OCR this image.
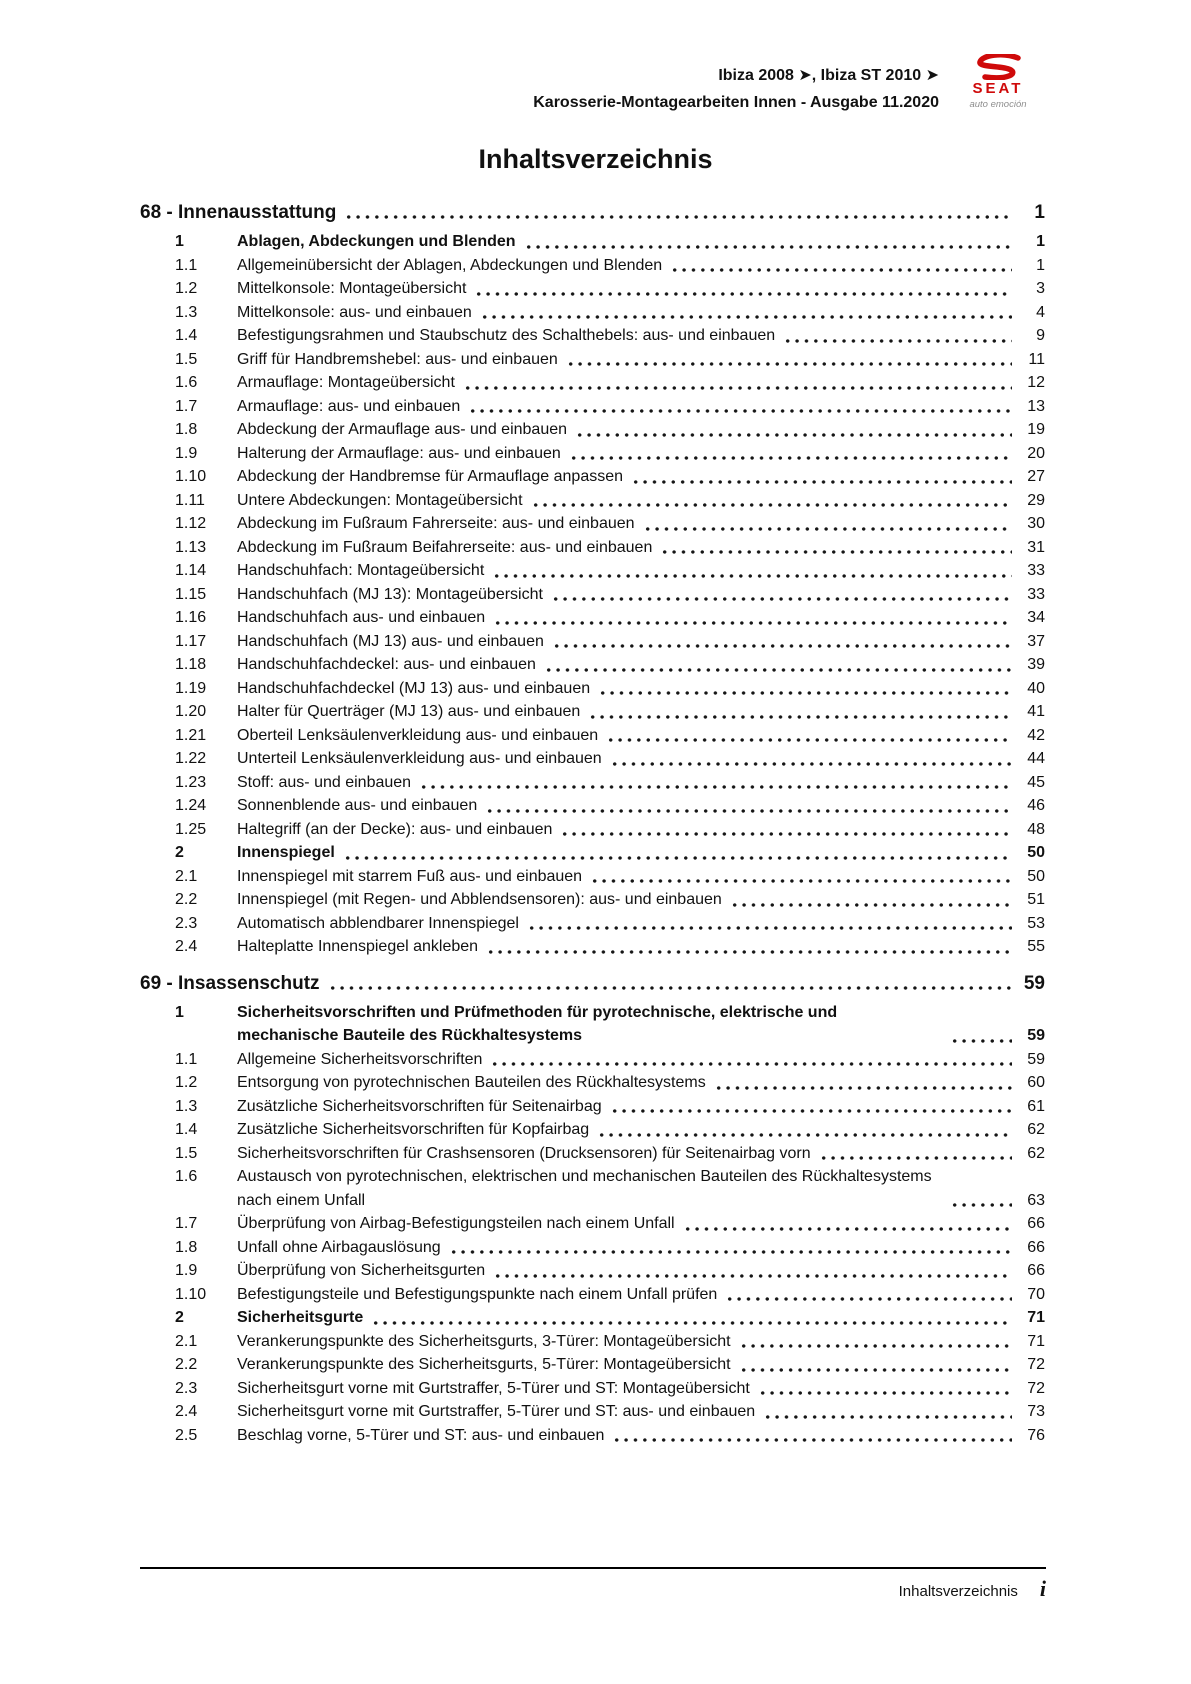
Ibiza 2008 ➤, Ibiza ST 2010 ➤
Karosserie-Montagearbeiten Innen - Ausgabe 11.2020
SEAT
auto emoción
Inhaltsverzeichnis
68 - Innenausstattung	1
1	Ablagen, Abdeckungen und Blenden	1
1.1	Allgemeinübersicht der Ablagen, Abdeckungen und Blenden	1
1.2	Mittelkonsole: Montageübersicht	3
1.3	Mittelkonsole: aus- und einbauen	4
1.4	Befestigungsrahmen und Staubschutz des Schalthebels: aus- und einbauen	9
1.5	Griff für Handbremshebel: aus- und einbauen	11
1.6	Armauflage: Montageübersicht	12
1.7	Armauflage: aus- und einbauen	13
1.8	Abdeckung der Armauflage aus- und einbauen	19
1.9	Halterung der Armauflage: aus- und einbauen	20
1.10	Abdeckung der Handbremse für Armauflage anpassen	27
1.11	Untere Abdeckungen: Montageübersicht	29
1.12	Abdeckung im Fußraum Fahrerseite: aus- und einbauen	30
1.13	Abdeckung im Fußraum Beifahrerseite: aus- und einbauen	31
1.14	Handschuhfach: Montageübersicht	33
1.15	Handschuhfach (MJ 13): Montageübersicht	33
1.16	Handschuhfach aus- und einbauen	34
1.17	Handschuhfach (MJ 13) aus- und einbauen	37
1.18	Handschuhfachdeckel: aus- und einbauen	39
1.19	Handschuhfachdeckel (MJ 13) aus- und einbauen	40
1.20	Halter für Querträger (MJ 13) aus- und einbauen	41
1.21	Oberteil Lenksäulenverkleidung aus- und einbauen	42
1.22	Unterteil Lenksäulenverkleidung aus- und einbauen	44
1.23	Stoff: aus- und einbauen	45
1.24	Sonnenblende aus- und einbauen	46
1.25	Haltegriff (an der Decke): aus- und einbauen	48
2	Innenspiegel	50
2.1	Innenspiegel mit starrem Fuß aus- und einbauen	50
2.2	Innenspiegel (mit Regen- und Abblendsensoren): aus- und einbauen	51
2.3	Automatisch abblendbarer Innenspiegel	53
2.4	Halteplatte Innenspiegel ankleben	55
69 - Insassenschutz	59
1	Sicherheitsvorschriften und Prüfmethoden für pyrotechnische, elektrische und mechanische Bauteile des Rückhaltesystems	59
1.1	Allgemeine Sicherheitsvorschriften	59
1.2	Entsorgung von pyrotechnischen Bauteilen des Rückhaltesystems	60
1.3	Zusätzliche Sicherheitsvorschriften für Seitenairbag	61
1.4	Zusätzliche Sicherheitsvorschriften für Kopfairbag	62
1.5	Sicherheitsvorschriften für Crashsensoren (Drucksensoren) für Seitenairbag vorn	62
1.6	Austausch von pyrotechnischen, elektrischen und mechanischen Bauteilen des Rückhaltesystems nach einem Unfall	63
1.7	Überprüfung von Airbag-Befestigungsteilen nach einem Unfall	66
1.8	Unfall ohne Airbagauslösung	66
1.9	Überprüfung von Sicherheitsgurten	66
1.10	Befestigungsteile und Befestigungspunkte nach einem Unfall prüfen	70
2	Sicherheitsgurte	71
2.1	Verankerungspunkte des Sicherheitsgurts, 3-Türer: Montageübersicht	71
2.2	Verankerungspunkte des Sicherheitsgurts, 5-Türer: Montageübersicht	72
2.3	Sicherheitsgurt vorne mit Gurtstraffer, 5-Türer und ST: Montageübersicht	72
2.4	Sicherheitsgurt vorne mit Gurtstraffer, 5-Türer und ST: aus- und einbauen	73
2.5	Beschlag vorne, 5-Türer und ST: aus- und einbauen	76
Inhaltsverzeichnis i
